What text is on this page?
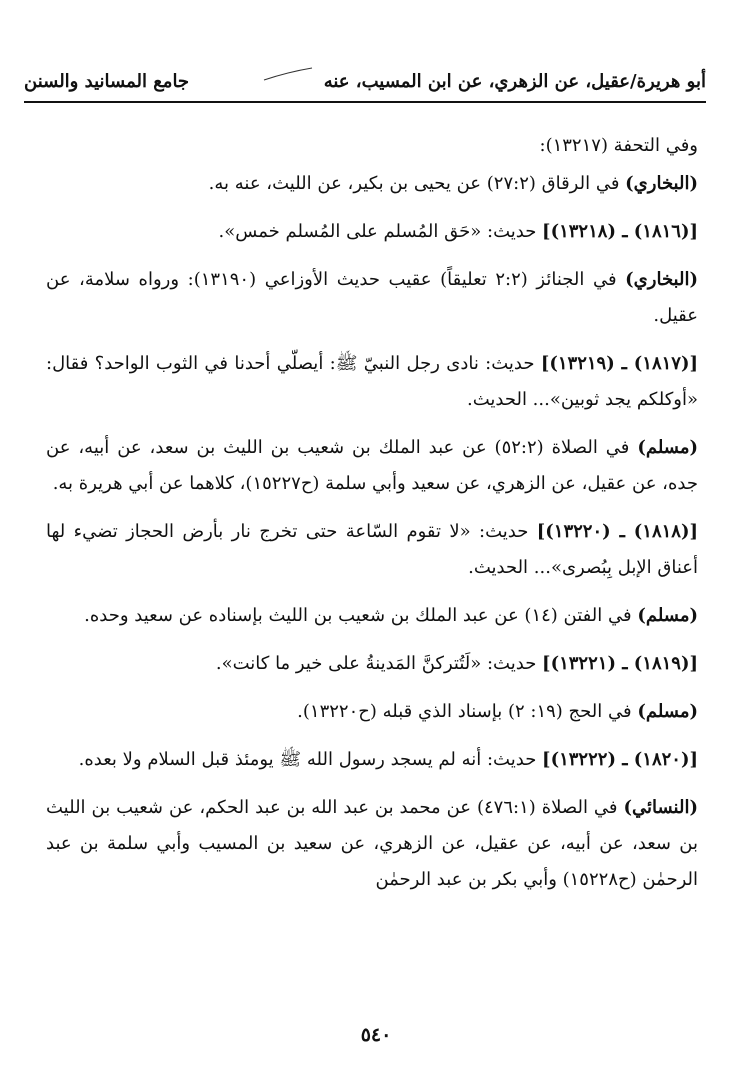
أبو هريرة/عقيل، عن الزهري، عن ابن المسيب، عنه
جامع المسانيد والسنن

وفي التحفة (١٣٢١٧):

(البخاري) في الرقاق (٢٧:٢) عن يحيى بن بكير، عن الليث، عنه به.

[(١٨١٦) ـ (١٣٢١٨)] حديث: «حَق المُسلم على المُسلم خمس».

(البخاري) في الجنائز (٢:٢ تعليقاً) عقيب حديث الأوزاعي (١٣١٩٠): ورواه سلامة، عن عقيل.

[(١٨١٧) ـ (١٣٢١٩)] حديث: نادى رجل النبيّ ﷺ: أيصلّي أحدنا في الثوب الواحد؟ فقال: «أوكلكم يجد ثوبين»... الحديث.

(مسلم) في الصلاة (٥٢:٢) عن عبد الملك بن شعيب بن الليث بن سعد، عن أبيه، عن جده، عن عقيل، عن الزهري، عن سعيد وأبي سلمة (ح١٥٢٢٧)، كلاهما عن أبي هريرة به.

[(١٨١٨) ـ (١٣٢٢٠)] حديث: «لا تقوم السّاعة حتى تخرج نار بأرض الحجاز تضيء لها أعناق الإبل بِبُصرى»... الحديث.

(مسلم) في الفتن (١٤) عن عبد الملك بن شعيب بن الليث بإسناده عن سعيد وحده.

[(١٨١٩) ـ (١٣٢٢١)] حديث: «لَتُتركنَّ المَدينةُ على خير ما كانت».

(مسلم) في الحج (١٩: ٢) بإسناد الذي قبله (ح١٣٢٢٠).

[(١٨٢٠) ـ (١٣٢٢٢)] حديث: أنه لم يسجد رسول الله ﷺ يومئذ قبل السلام ولا بعده.

(النسائي) في الصلاة (٤٧٦:١) عن محمد بن عبد الله بن عبد الحكم، عن شعيب بن الليث بن سعد، عن أبيه، عن عقيل، عن الزهري، عن سعيد بن المسيب وأبي سلمة بن عبد الرحمٰن (ح١٥٢٢٨) وأبي بكر بن عبد الرحمٰن

٥٤٠
